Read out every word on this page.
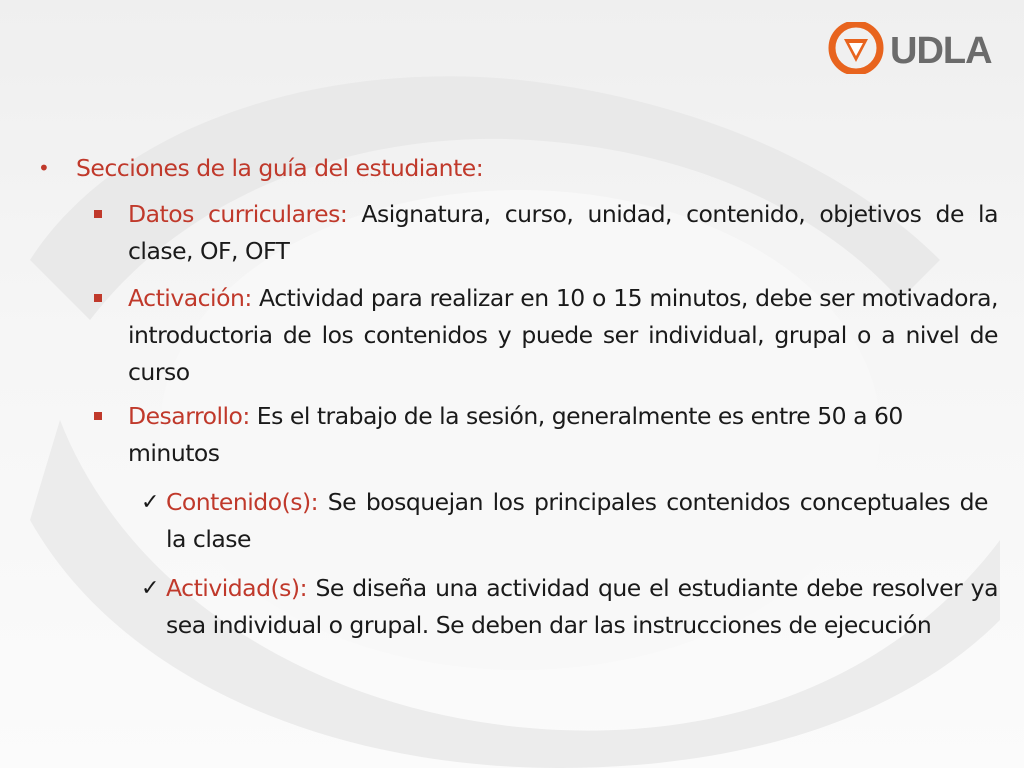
UDLA
• Secciones de la guía del estudiante:

Datos curriculares: Asignatura, curso, unidad, contenido, objetivos de la clase, OF, OFT

Activación: Actividad para realizar en 10 o 15 minutos, debe ser motivadora, introductoria de los contenidos y puede ser individual, grupal o a nivel de curso

Desarrollo: Es el trabajo de la sesión, generalmente es entre 50 a 60 minutos

✓ Contenido(s): Se bosquejan los principales contenidos conceptuales de la clase

✓ Actividad(s): Se diseña una actividad que el estudiante debe resolver ya sea individual o grupal. Se deben dar las instrucciones de ejecución
